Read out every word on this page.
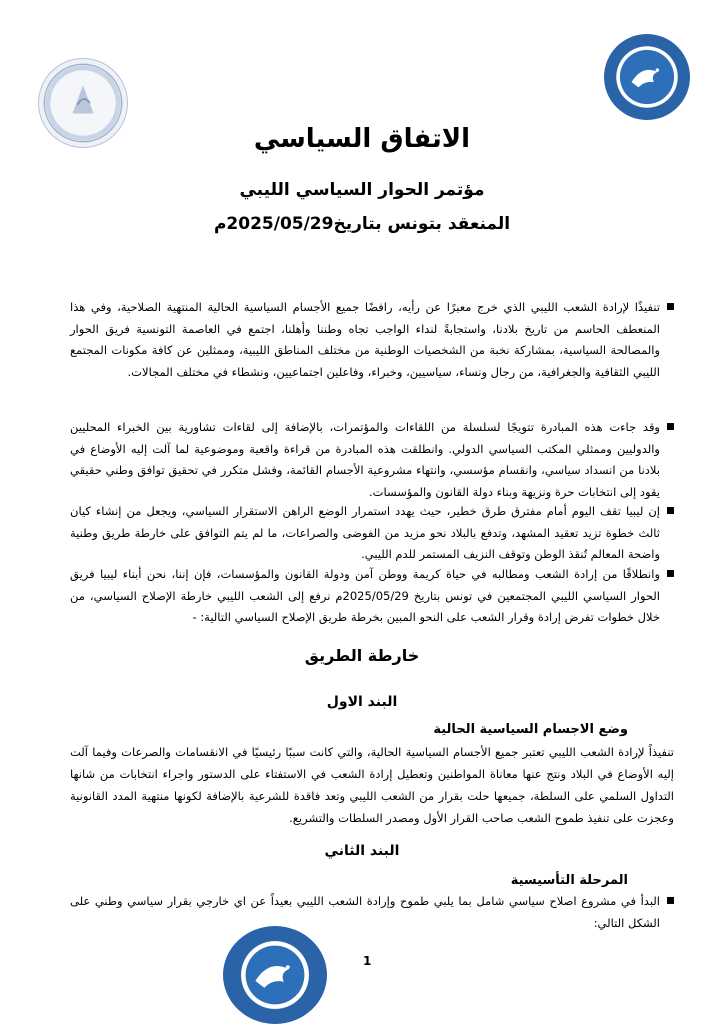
الاتفاق السياسي
مؤتمر الحوار السياسي الليبي
المنعقد بتونس بتاريخ2025/05/29م

تنفيذًا لإرادة الشعب الليبي الذي خرج معبرًا عن رأيه، رافضًا جميع الأجسام السياسية الحالية المنتهية الصلاحية، وفي هذا المنعطف الحاسم من تاريخ بلادنا، واستجابةً لنداء الواجب تجاه وطننا وأهلنا، اجتمع في العاصمة التونسية فريق الحوار والمصالحة السياسية، بمشاركة نخبة من الشخصيات الوطنية من مختلف المناطق الليبية، وممثلين عن كافة مكونات المجتمع الليبي الثقافية والجغرافية، من رجال ونساء، سياسيين، وخبراء، وفاعلين اجتماعيين، ونشطاء في مختلف المجالات.

وقد جاءت هذه المبادرة تتويجًا لسلسلة من اللقاءات والمؤتمرات، بالإضافة إلى لقاءات تشاورية بين الخبراء المحليين والدوليين وممثلي المكتب السياسي الدولي. وانطلقت هذه المبادرة من قراءة واقعية وموضوعية لما آلت إليه الأوضاع في بلادنا من انسداد سياسي، وانقسام مؤسسي، وانتهاء مشروعية الأجسام القائمة، وفشل متكرر في تحقيق توافق وطني حقيقي يقود إلى انتخابات حرة ونزيهة وبناء دولة القانون والمؤسسات.

إن ليبيا تقف اليوم أمام مفترق طرق خطير، حيث يهدد استمرار الوضع الراهن الاستقرار السياسي، ويجعل من إنشاء كيان ثالث خطوة تزيد تعقيد المشهد، وتدفع بالبلاد نحو مزيد من الفوضى والصراعات، ما لم يتم التوافق على خارطة طريق وطنية واضحة المعالم تُنقذ الوطن وتوقف النزيف المستمر للدم الليبي.

وانطلاقًا من إرادة الشعب ومطالبه في حياة كريمة ووطن آمن ودولة القانون والمؤسسات، فإن إننا، نحن أبناء ليبيا فريق الحوار السياسي الليبي المجتمعين في تونس بتاريخ 2025/05/29م نرفع إلى الشعب الليبي خارطة الإصلاح السياسي، من خلال خطوات تفرض إرادة وقرار الشعب على النحو المبين بخرطة طريق الإصلاح السياسي التالية: -

خارطة الطريق
البند الاول
وضع الاجسام السياسية الحالية
تنفيذاً لإرادة الشعب الليبي تعتبر جميع الأجسام السياسية الحالية، والتي كانت سببًا رئيسيًا في الانقسامات والصرعات وفيما آلت إليه الأوضاع في البلاد ونتج عنها معاناة المواطنين وتعطيل إرادة الشعب في الاستفتاء على الدستور واجراء انتخابات من شانها التداول السلمي على السلطة، جميعها حلت بقرار من الشعب الليبي وتعد فاقدة للشرعية بالإضافة لكونها منتهية المدد القانونية وعجزت على تنفيذ طموح الشعب صاحب القرار الأول ومصدر السلطات والتشريع.
البند الثاني
المرحلة التأسيسية

البدأ في مشروع اصلاح سياسي شامل بما يلبي طموح وإرادة الشعب الليبي بعيداً عن اي خارجي بقرار سياسي وطني على الشكل التالي:

1
